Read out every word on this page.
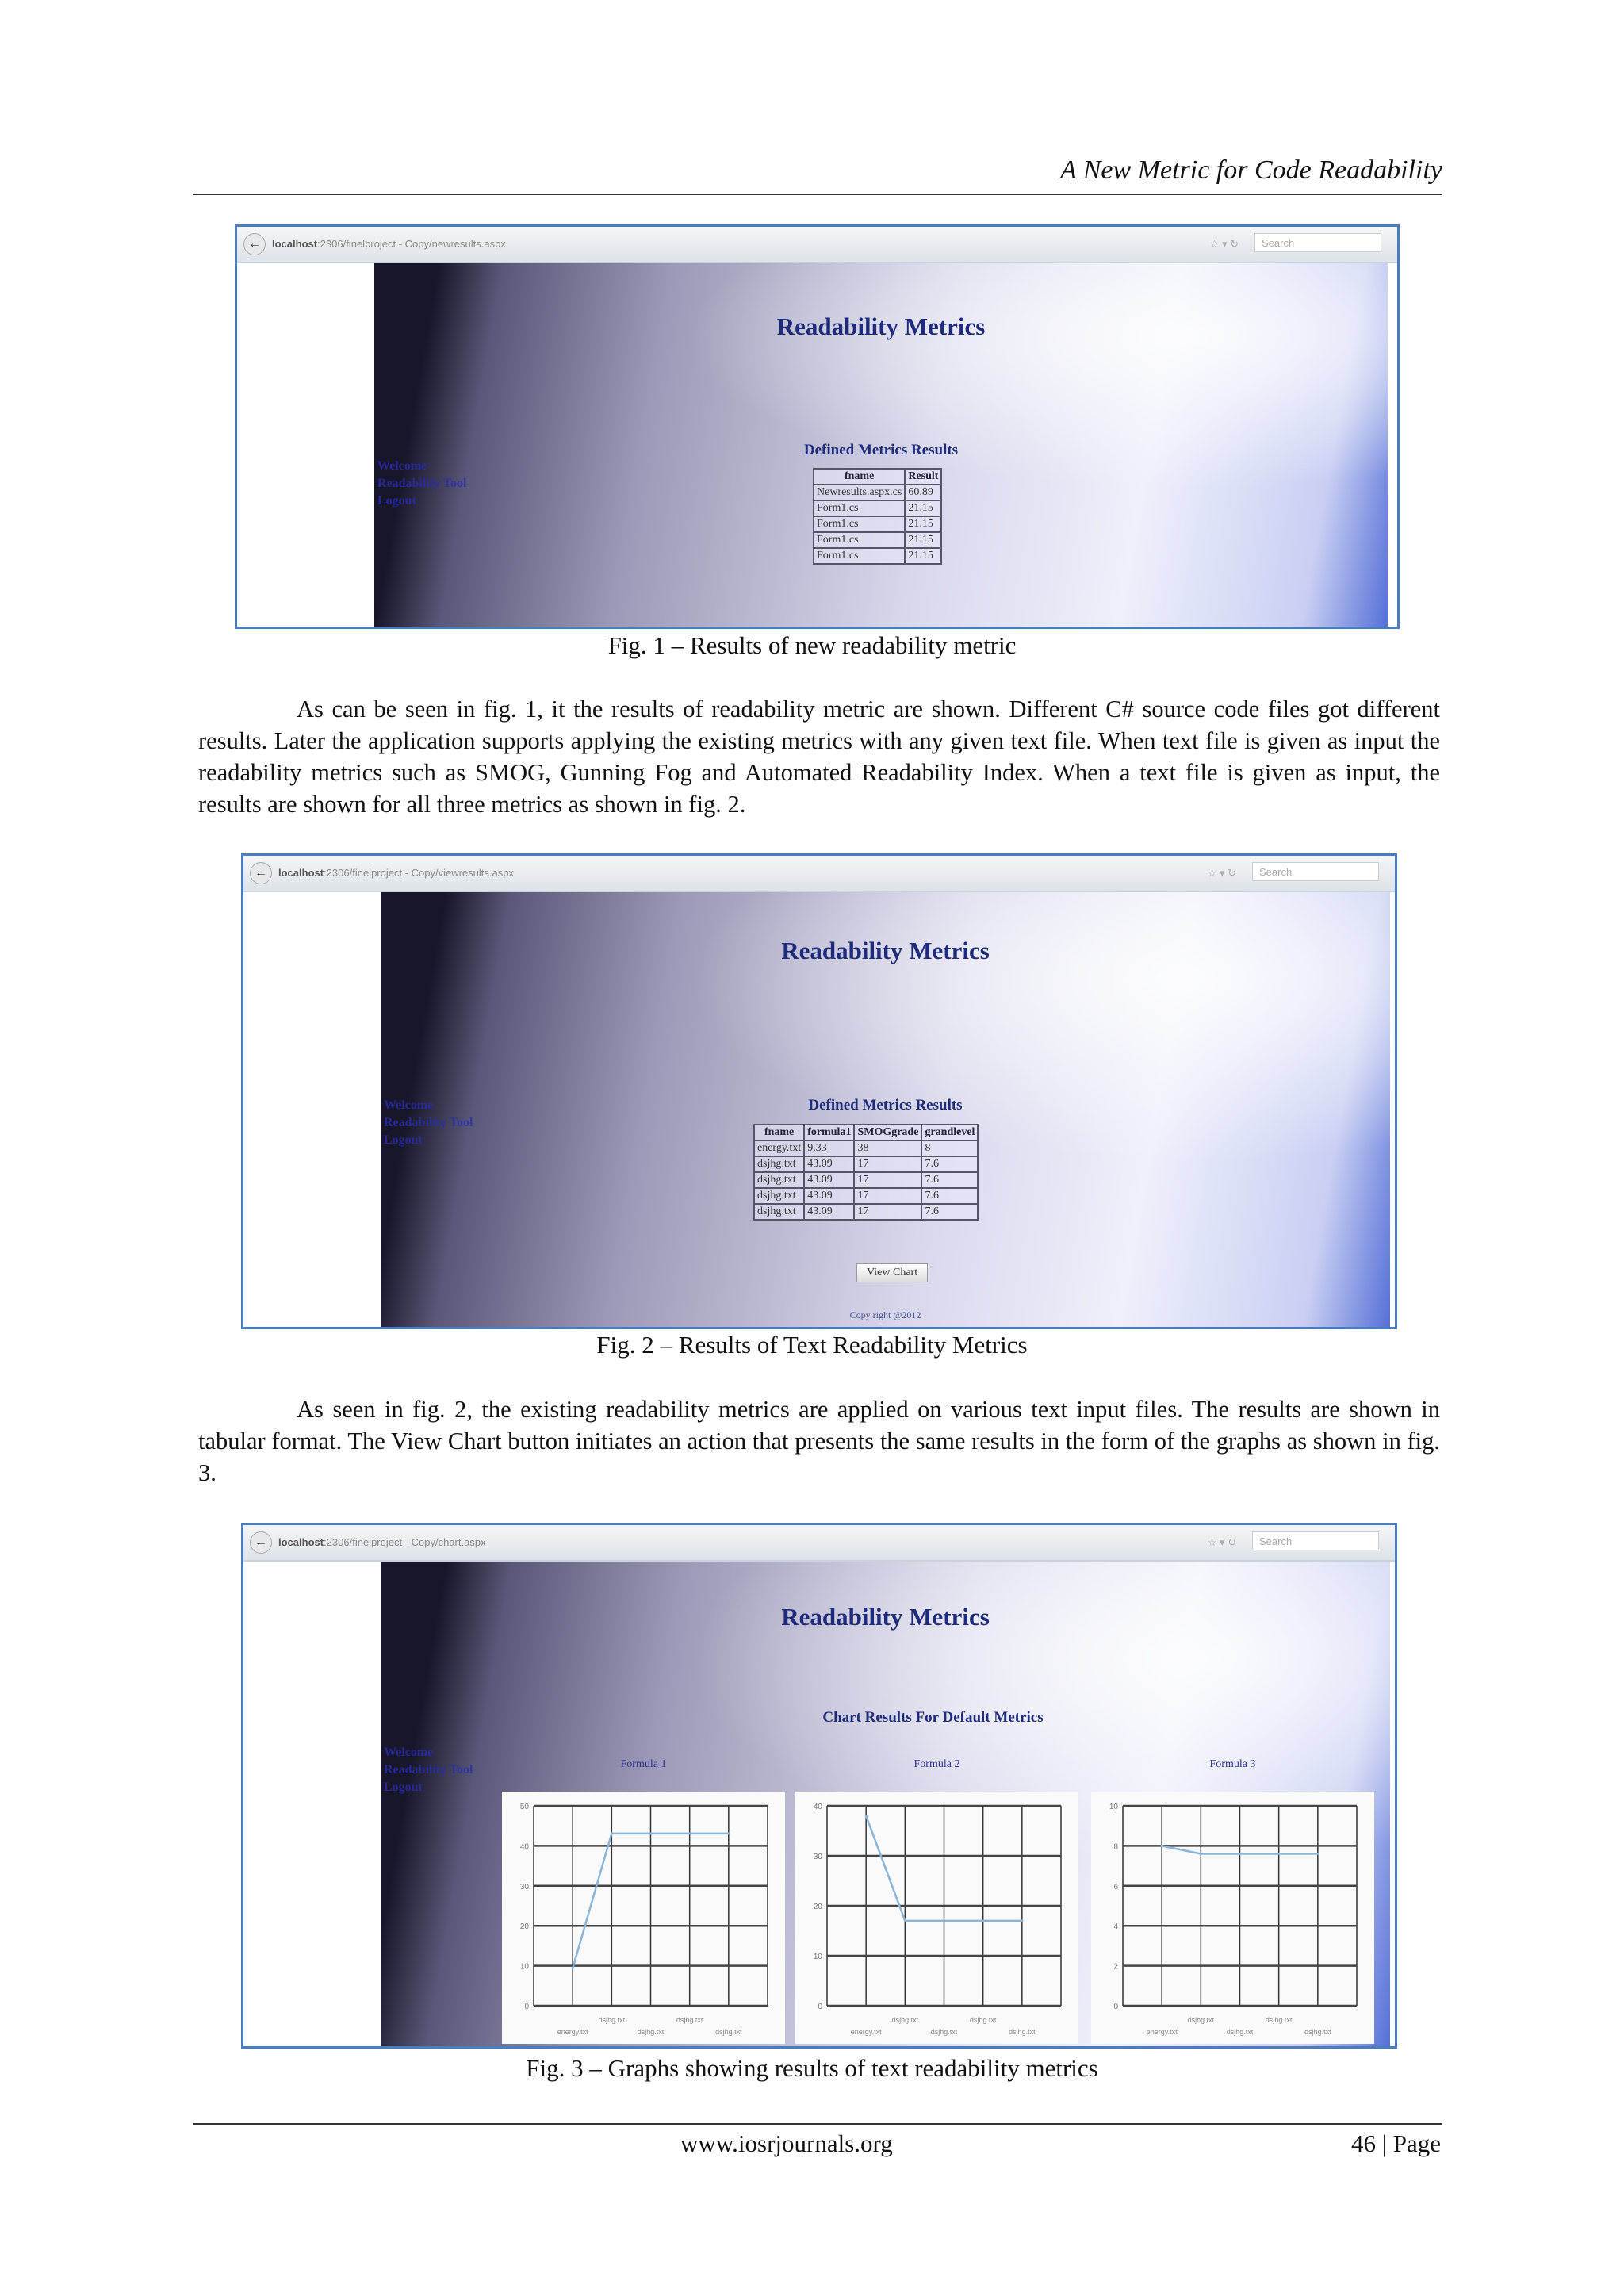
A New Metric for Code Readability
←	localhost:2306/finelproject - Copy/newresults.aspx	☆ ▾ ↻	Search
Readability Metrics
Welcome
Readability Tool
Logout
Defined Metrics Results
fname	Result
Newresults.aspx.cs	60.89
Form1.cs	21.15
Form1.cs	21.15
Form1.cs	21.15
Form1.cs	21.15
Fig. 1 – Results of new readability metric
As can be seen in fig. 1, it the results of readability metric are shown. Different C# source code files got different results. Later the application supports applying the existing metrics with any given text file. When text file is given as input the readability metrics such as SMOG, Gunning Fog and Automated Readability Index. When a text file is given as input, the results are shown for all three metrics as shown in fig. 2.
←	localhost:2306/finelproject - Copy/viewresults.aspx	☆ ▾ ↻	Search
Readability Metrics
Welcome
Readability Tool
Logout
Defined Metrics Results
fname	formula1	SMOGgrade	grandlevel
energy.txt	9.33	38	8
dsjhg.txt	43.09	17	7.6
dsjhg.txt	43.09	17	7.6
dsjhg.txt	43.09	17	7.6
dsjhg.txt	43.09	17	7.6
View Chart
Copy right @2012
Fig. 2 – Results of Text Readability Metrics
As seen in fig. 2, the existing readability metrics are applied on various text input files. The results are shown in tabular format. The View Chart button initiates an action that presents the same results in the form of the graphs as shown in fig. 3.
←	localhost:2306/finelproject - Copy/chart.aspx	☆ ▾ ↻	Search
Readability Metrics
Welcome
Readability Tool
Logout
Chart Results For Default Metrics
Formula 1
0
10
20
30
40
50
energy.txt
dsjhg.txt
dsjhg.txt
dsjhg.txt
dsjhg.txt
Formula 2
0
10
20
30
40
energy.txt
dsjhg.txt
dsjhg.txt
dsjhg.txt
dsjhg.txt
Formula 3
0
2
4
6
8
10
energy.txt
dsjhg.txt
dsjhg.txt
dsjhg.txt
dsjhg.txt
Fig. 3 – Graphs showing results of text readability metrics
www.iosrjournals.org	46 | Page
